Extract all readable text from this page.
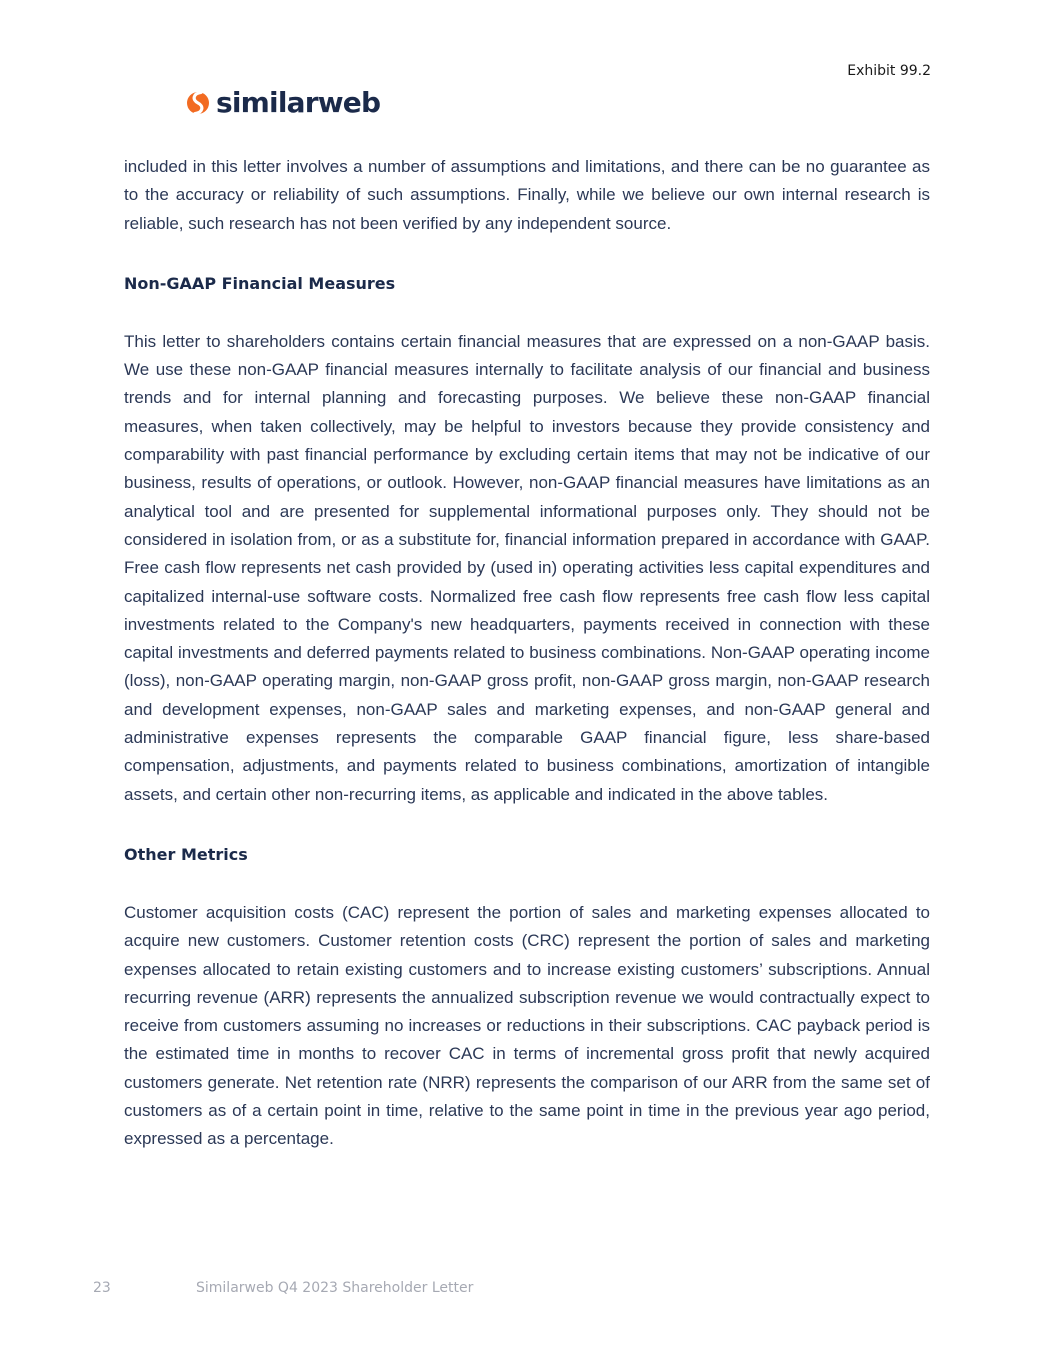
Exhibit 99.2
similarweb

included in this letter involves a number of assumptions and limitations, and there can be no guarantee as to the accuracy or reliability of such assumptions. Finally, while we believe our own internal research is reliable, such research has not been verified by any independent source.

Non-GAAP Financial Measures

This letter to shareholders contains certain financial measures that are expressed on a non-GAAP basis. We use these non-GAAP financial measures internally to facilitate analysis of our financial and business trends and for internal planning and forecasting purposes. We believe these non-GAAP financial measures, when taken collectively, may be helpful to investors because they provide consistency and comparability with past financial performance by excluding certain items that may not be indicative of our business, results of operations, or outlook. However, non-GAAP financial measures have limitations as an analytical tool and are presented for supplemental informational purposes only. They should not be considered in isolation from, or as a substitute for, financial information prepared in accordance with GAAP. Free cash flow represents net cash provided by (used in) operating activities less capital expenditures and capitalized internal-use software costs. Normalized free cash flow represents free cash flow less capital investments related to the Company's new headquarters, payments received in connection with these capital investments and deferred payments related to business combinations. Non-GAAP operating income (loss), non-GAAP operating margin, non-GAAP gross profit, non-GAAP gross margin, non-GAAP research and development expenses, non-GAAP sales and marketing expenses, and non-GAAP general and administrative expenses represents the comparable GAAP financial figure, less share-based compensation, adjustments, and payments related to business combinations, amortization of intangible assets, and certain other non-recurring items, as applicable and indicated in the above tables.

Other Metrics

Customer acquisition costs (CAC) represent the portion of sales and marketing expenses allocated to acquire new customers. Customer retention costs (CRC) represent the portion of sales and marketing expenses allocated to retain existing customers and to increase existing customers’ subscriptions. Annual recurring revenue (ARR) represents the annualized subscription revenue we would contractually expect to receive from customers assuming no increases or reductions in their subscriptions. CAC payback period is the estimated time in months to recover CAC in terms of incremental gross profit that newly acquired customers generate. Net retention rate (NRR) represents the comparison of our ARR from the same set of customers as of a certain point in time, relative to the same point in time in the previous year ago period, expressed as a percentage.

23	Similarweb Q4 2023 Shareholder Letter
